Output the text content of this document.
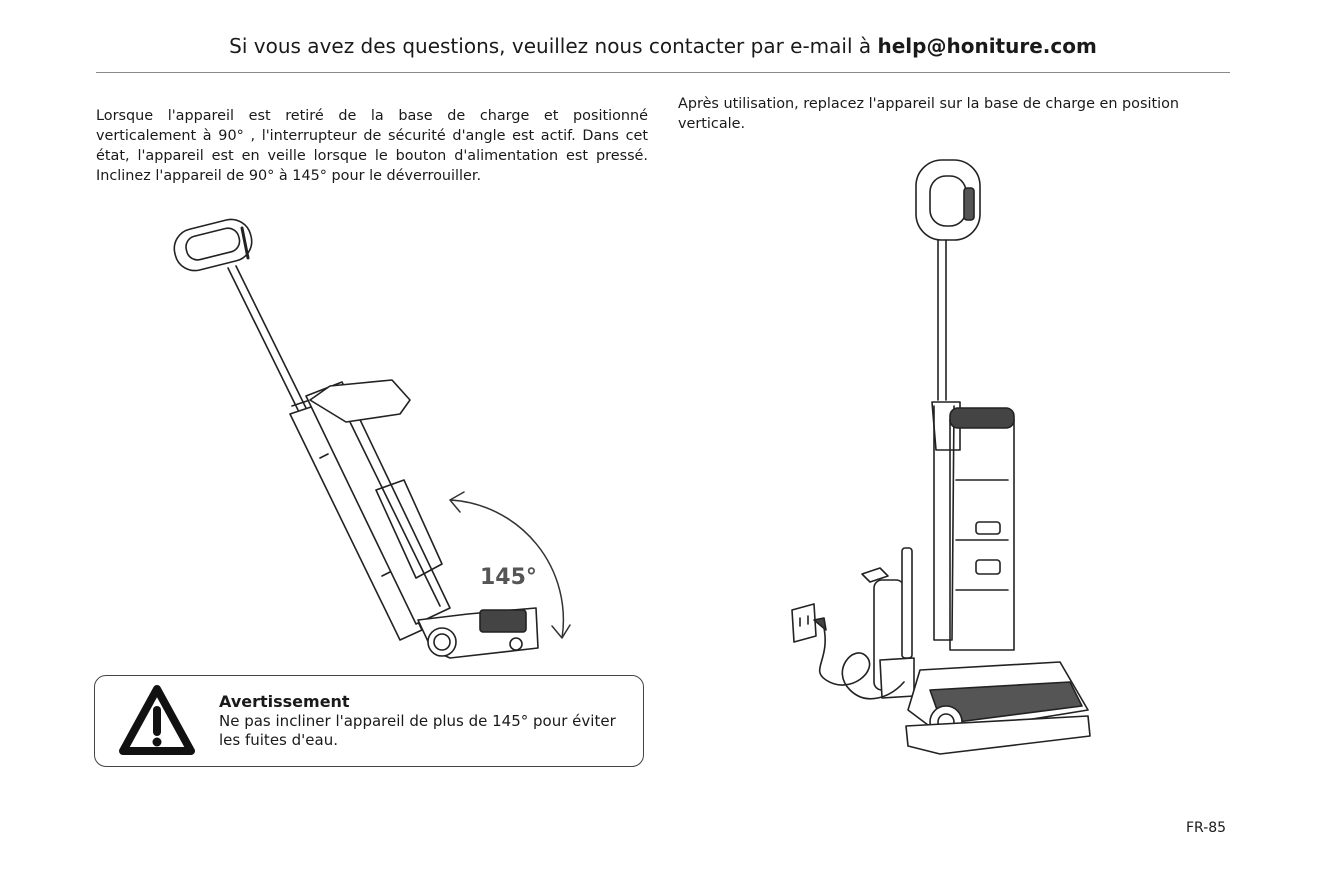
Si vous avez des questions, veuillez nous contacter par e-mail à help@honiture.com
Lorsque l'appareil est retiré de la base de charge et positionné verticalement à 90° , l'interrupteur de sécurité d'angle est actif. Dans cet état, l'appareil est en veille lorsque le bouton d'alimentation est pressé. Inclinez l'appareil de 90° à 145° pour le déverrouiller.
Après utilisation, replacez l'appareil sur la base de charge en position verticale.
145°
Avertissement
Ne pas incliner l'appareil de plus de 145° pour éviter les fuites d'eau.
FR-85
